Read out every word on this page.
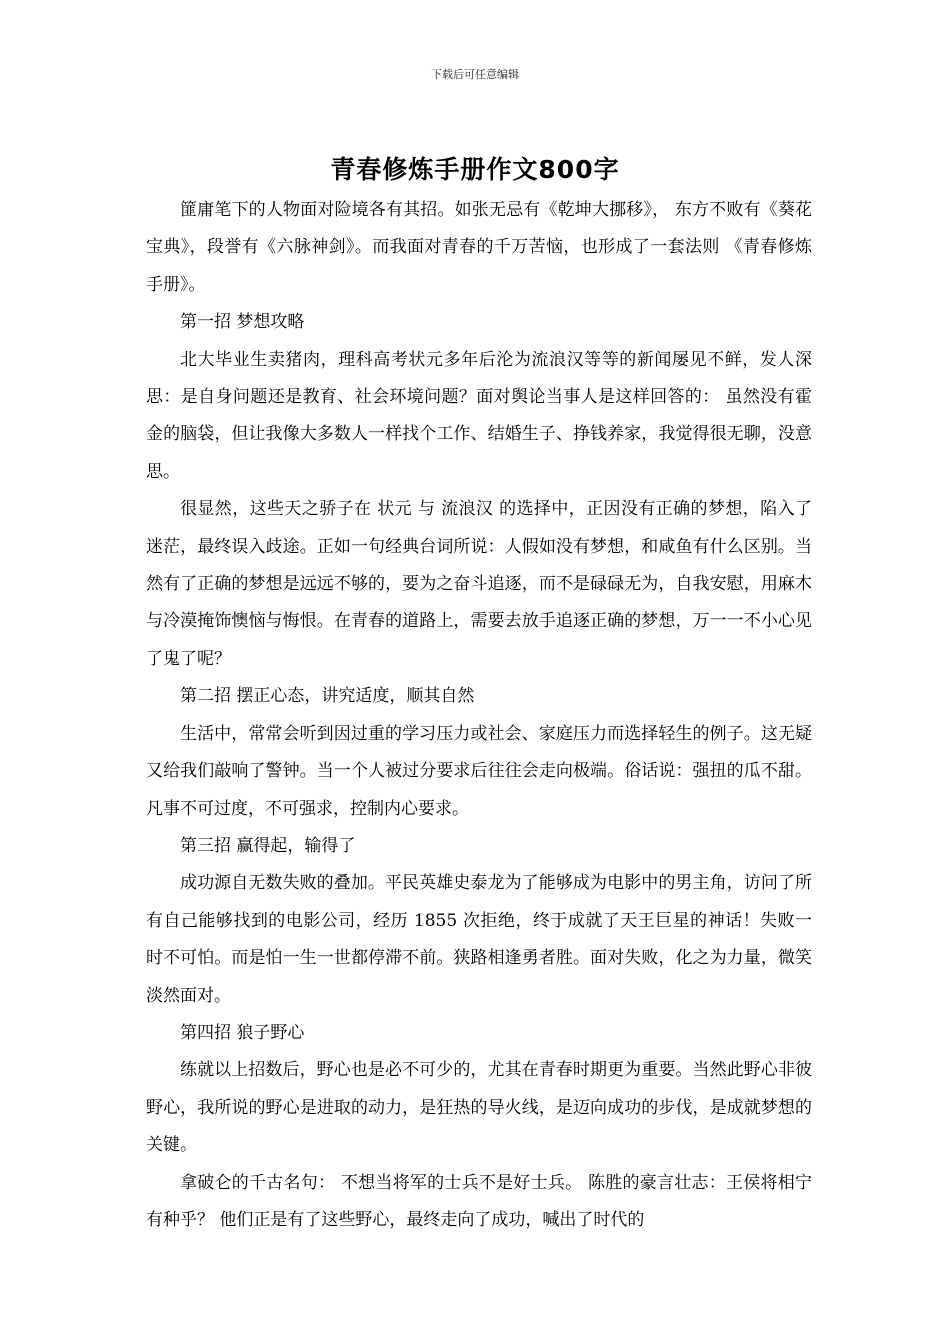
下载后可任意编辑
青春修炼手册作文800字

篚庸笔下的人物面对险境各有其招。如张无忌有《乾坤大挪移》， 东方不败有《葵花宝典》，段誉有《六脉神剑》。而我面对青春的千万苦恼，也形成了一套法则 《青春修炼手册》。

第一招 梦想攻略

北大毕业生卖猪肉，理科高考状元多年后沦为流浪汉等等的新闻屡见不鲜，发人深思：是自身问题还是教育、社会环境问题？面对舆论当事人是这样回答的： 虽然没有霍金的脑袋，但让我像大多数人一样找个工作、结婚生子、挣钱养家，我觉得很无聊，没意思。

很显然，这些天之骄子在 状元 与 流浪汉 的选择中，正因没有正确的梦想，陷入了迷茫，最终误入歧途。正如一句经典台词所说：人假如没有梦想，和咸鱼有什么区别。当然有了正确的梦想是远远不够的，要为之奋斗追逐，而不是碌碌无为，自我安慰，用麻木与冷漠掩饰懊恼与悔恨。在青春的道路上，需要去放手追逐正确的梦想，万一一不小心见了鬼了呢？

第二招 摆正心态，讲究适度，顺其自然

生活中，常常会听到因过重的学习压力或社会、家庭压力而选择轻生的例子。这无疑又给我们敲响了警钟。当一个人被过分要求后往往会走向极端。俗话说：强扭的瓜不甜。凡事不可过度，不可强求，控制内心要求。

第三招 赢得起，输得了

成功源自无数失败的叠加。平民英雄史泰龙为了能够成为电影中的男主角，访问了所有自己能够找到的电影公司，经历 1855 次拒绝，终于成就了天王巨星的神话！失败一时不可怕。而是怕一生一世都停滞不前。狭路相逢勇者胜。面对失败，化之为力量，微笑淡然面对。

第四招 狼子野心

练就以上招数后，野心也是必不可少的，尤其在青春时期更为重要。当然此野心非彼野心，我所说的野心是进取的动力，是狂热的导火线，是迈向成功的步伐，是成就梦想的关键。

拿破仑的千古名句： 不想当将军的士兵不是好士兵。 陈胜的豪言壮志：王侯将相宁有种乎？ 他们正是有了这些野心，最终走向了成功，喊出了时代的
